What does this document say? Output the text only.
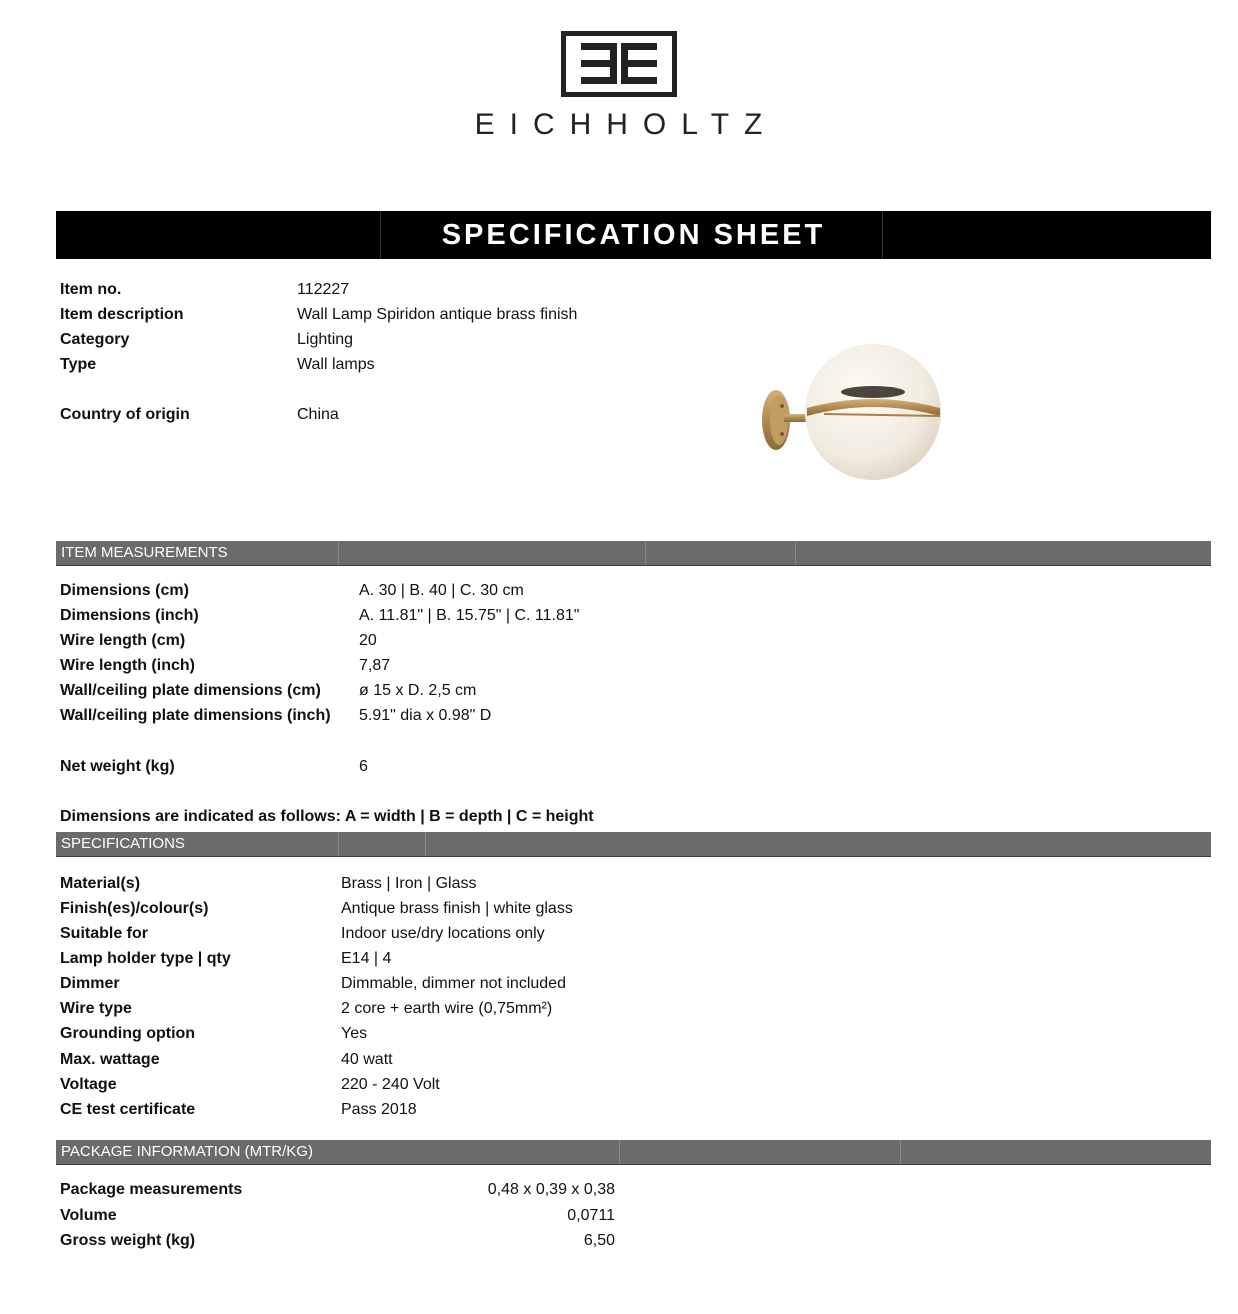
EICHHOLTZ
SPECIFICATION SHEET
Item no.	112227
Item description	Wall Lamp Spiridon antique brass finish
Category	Lighting
Type	Wall lamps
Country of origin	China
ITEM MEASUREMENTS
Dimensions (cm)	A. 30 | B. 40 | C. 30 cm
Dimensions (inch)	A. 11.81" | B. 15.75" | C. 11.81"
Wire length (cm)	20
Wire length (inch)	7,87
Wall/ceiling plate dimensions (cm) ø 15 x D. 2,5 cm
Wall/ceiling plate dimensions (inch) 5.91" dia x 0.98" D
Net weight (kg)	6
Dimensions are indicated as follows: A = width | B = depth | C = height
SPECIFICATIONS
Material(s)	Brass | Iron | Glass
Finish(es)/colour(s)	Antique brass finish | white glass
Suitable for	Indoor use/dry locations only
Lamp holder type | qty	E14 | 4
Dimmer	Dimmable, dimmer not included
Wire type	2 core + earth wire (0,75mm²)
Grounding option	Yes
Max. wattage	40 watt
Voltage	220 - 240 Volt
CE test certificate	Pass 2018
PACKAGE INFORMATION (MTR/KG)
Package measurements	0,48 x 0,39 x 0,38
Volume	0,0711
Gross weight (kg)	6,50
